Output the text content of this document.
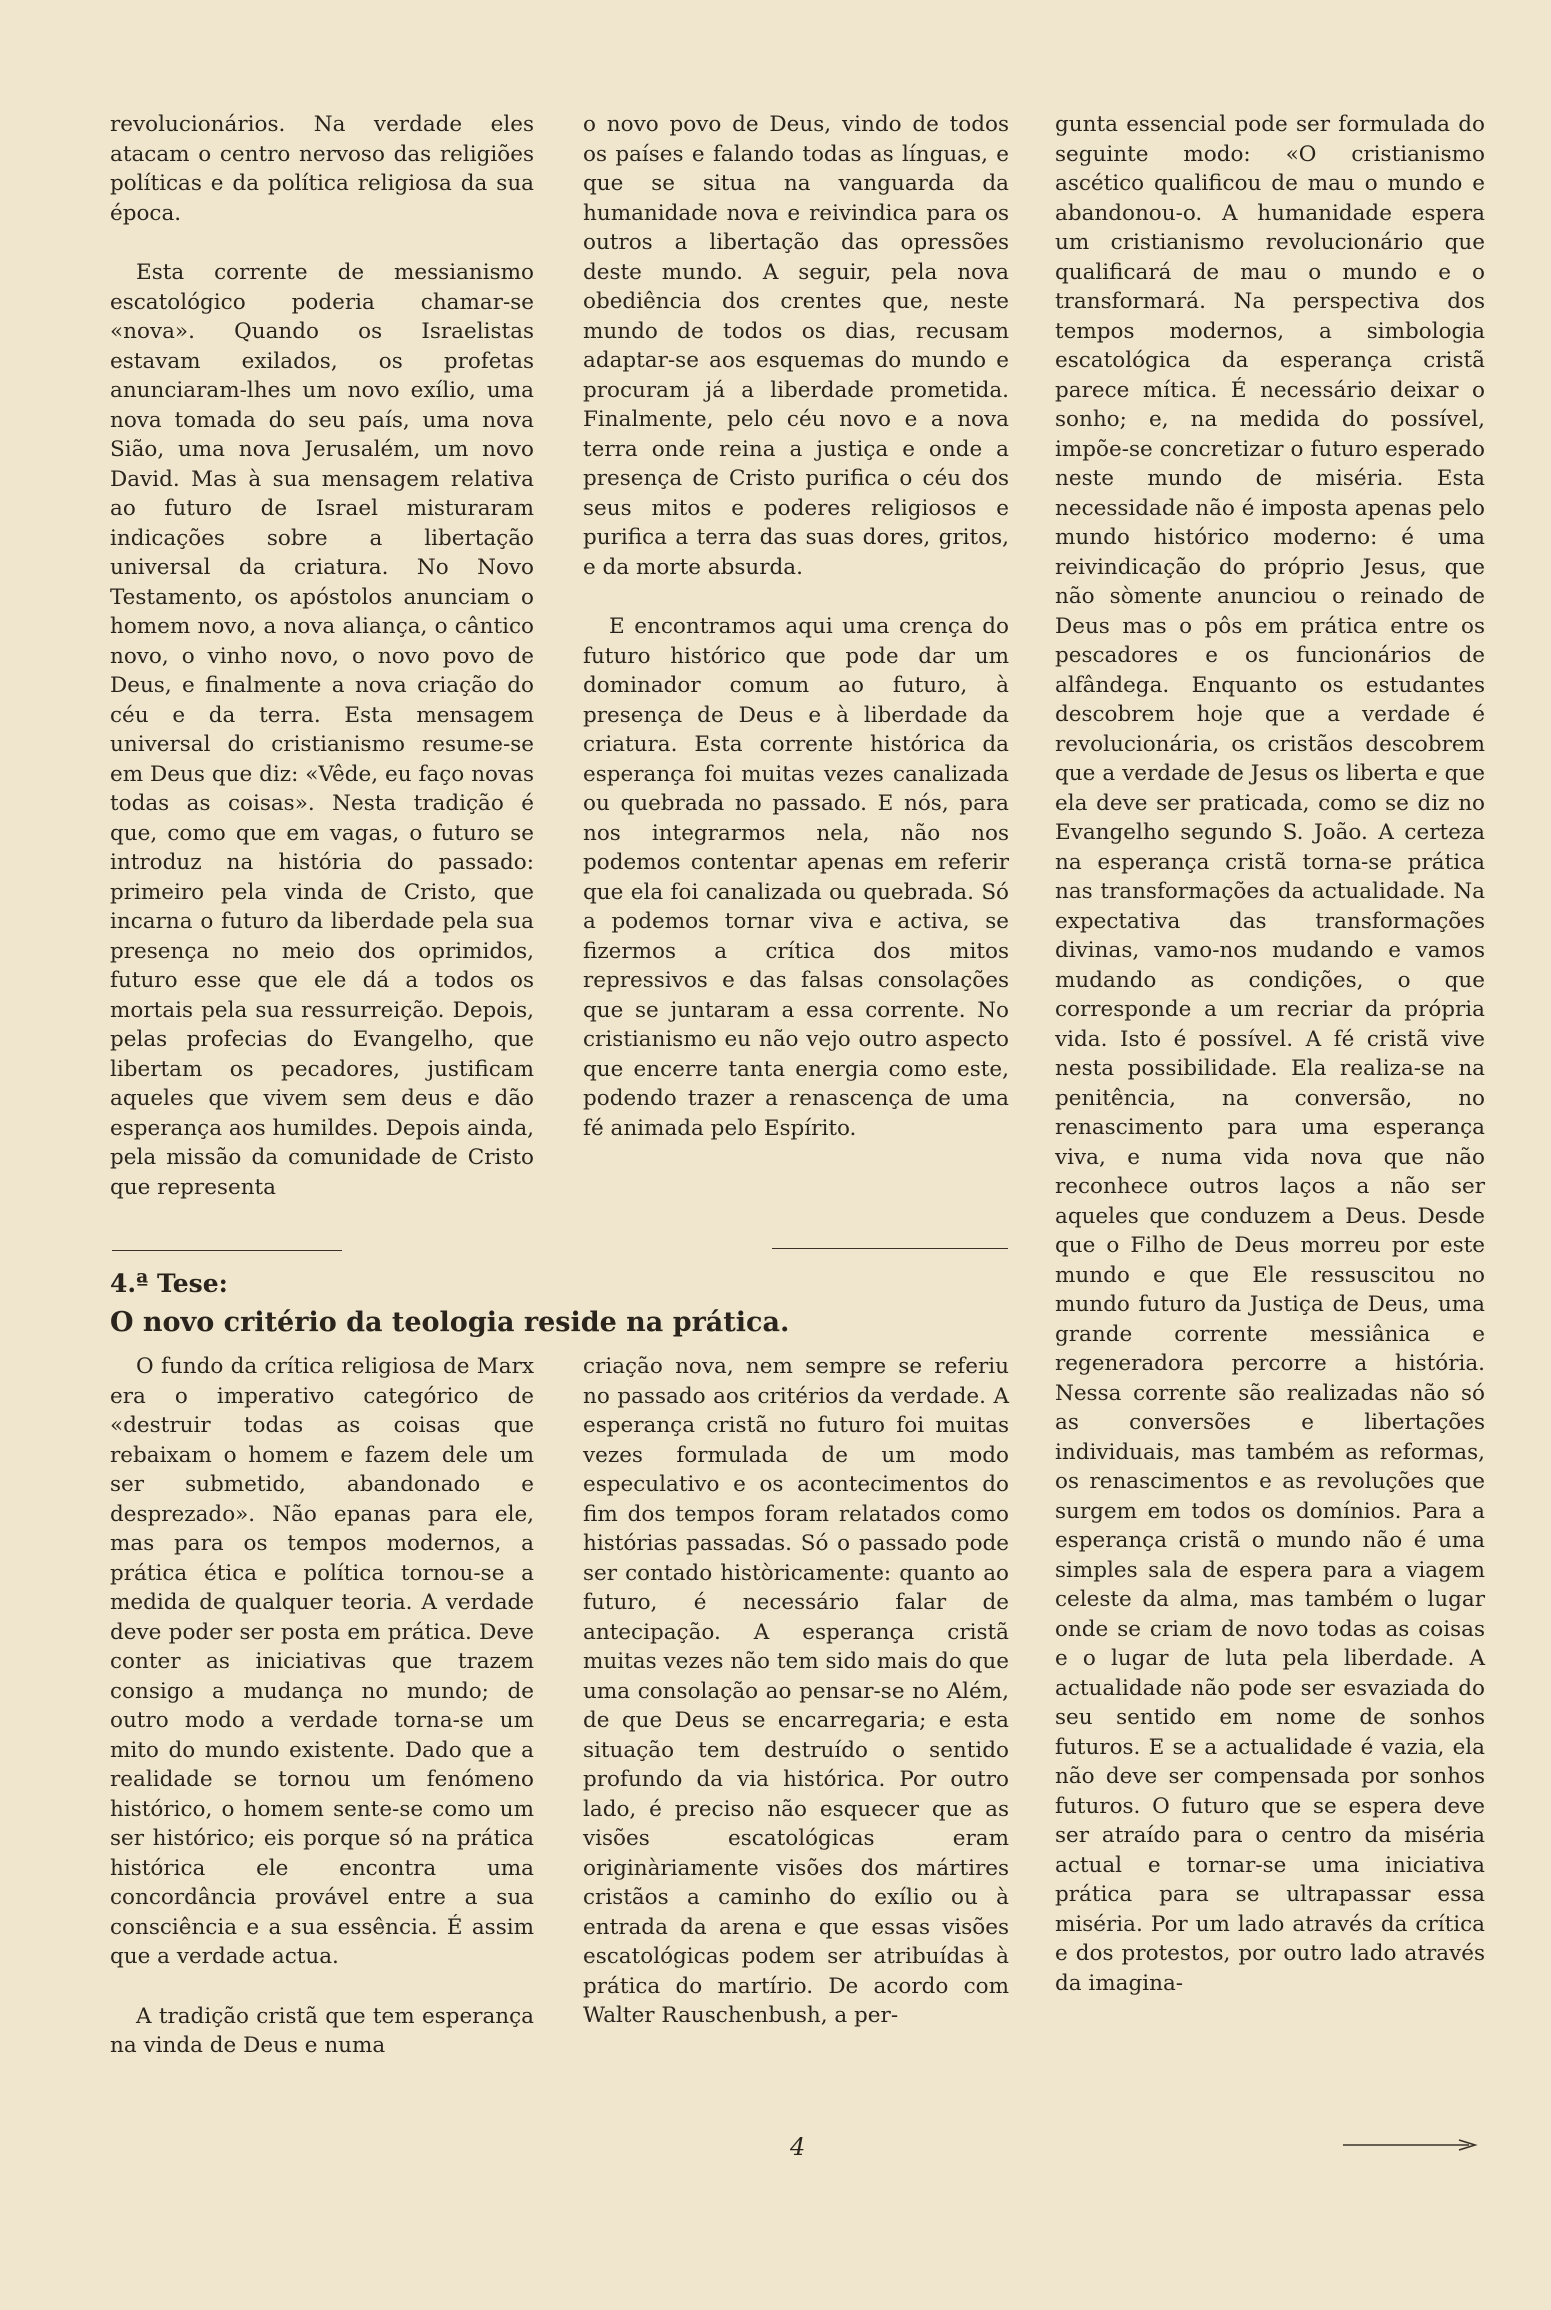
revolucionários. Na verdade eles atacam o centro nervoso das religiões políticas e da política religiosa da sua época.

Esta corrente de messianismo escatológico poderia chamar-se «nova». Quando os Israelistas estavam exilados, os profetas anunciaram-lhes um novo exílio, uma nova tomada do seu país, uma nova Sião, uma nova Jerusalém, um novo David. Mas à sua mensagem relativa ao futuro de Israel misturaram indicações sobre a libertação universal da criatura. No Novo Testamento, os apóstolos anunciam o homem novo, a nova aliança, o cântico novo, o vinho novo, o novo povo de Deus, e finalmente a nova criação do céu e da terra. Esta mensagem universal do cristianismo resume-se em Deus que diz: «Vêde, eu faço novas todas as coisas». Nesta tradição é que, como que em vagas, o futuro se introduz na história do passado: primeiro pela vinda de Cristo, que incarna o futuro da liberdade pela sua presença no meio dos oprimidos, futuro esse que ele dá a todos os mortais pela sua ressurreição. Depois, pelas profecias do Evangelho, que libertam os pecadores, justificam aqueles que vivem sem deus e dão esperança aos humildes. Depois ainda, pela missão da comunidade de Cristo que representa

o novo povo de Deus, vindo de todos os países e falando todas as línguas, e que se situa na vanguarda da humanidade nova e reivindica para os outros a libertação das opressões deste mundo. A seguir, pela nova obediência dos crentes que, neste mundo de todos os dias, recusam adaptar-se aos esquemas do mundo e procuram já a liberdade prometida. Finalmente, pelo céu novo e a nova terra onde reina a justiça e onde a presença de Cristo purifica o céu dos seus mitos e poderes religiosos e purifica a terra das suas dores, gritos, e da morte absurda.

E encontramos aqui uma crença do futuro histórico que pode dar um dominador comum ao futuro, à presença de Deus e à liberdade da criatura. Esta corrente histórica da esperança foi muitas vezes canalizada ou quebrada no passado. E nós, para nos integrarmos nela, não nos podemos contentar apenas em referir que ela foi canalizada ou quebrada. Só a podemos tornar viva e activa, se fizermos a crítica dos mitos repressivos e das falsas consolações que se juntaram a essa corrente. No cristianismo eu não vejo outro aspecto que encerre tanta energia como este, podendo trazer a renascença de uma fé animada pelo Espírito.

gunta essencial pode ser formulada do seguinte modo: «O cristianismo ascético qualificou de mau o mundo e abandonou-o. A humanidade espera um cristianismo revolucionário que qualificará de mau o mundo e o transformará. Na perspectiva dos tempos modernos, a simbologia escatológica da esperança cristã parece mítica. É necessário deixar o sonho; e, na medida do possível, impõe-se concretizar o futuro esperado neste mundo de miséria. Esta necessidade não é imposta apenas pelo mundo histórico moderno: é uma reivindicação do próprio Jesus, que não sòmente anunciou o reinado de Deus mas o pôs em prática entre os pescadores e os funcionários de alfândega. Enquanto os estudantes descobrem hoje que a verdade é revolucionária, os cristãos descobrem que a verdade de Jesus os liberta e que ela deve ser praticada, como se diz no Evangelho segundo S. João. A certeza na esperança cristã torna-se prática nas transformações da actualidade. Na expectativa das transformações divinas, vamo-nos mudando e vamos mudando as condições, o que corresponde a um recriar da própria vida. Isto é possível. A fé cristã vive nesta possibilidade. Ela realiza-se na penitência, na conversão, no renascimento para uma esperança viva, e numa vida nova que não reconhece outros laços a não ser aqueles que conduzem a Deus. Desde que o Filho de Deus morreu por este mundo e que Ele ressuscitou no mundo futuro da Justiça de Deus, uma grande corrente messiânica e regeneradora percorre a história. Nessa corrente são realizadas não só as conversões e libertações individuais, mas também as reformas, os renascimentos e as revoluções que surgem em todos os domínios. Para a esperança cristã o mundo não é uma simples sala de espera para a viagem celeste da alma, mas também o lugar onde se criam de novo todas as coisas e o lugar de luta pela liberdade. A actualidade não pode ser esvaziada do seu sentido em nome de sonhos futuros. E se a actualidade é vazia, ela não deve ser compensada por sonhos futuros. O futuro que se espera deve ser atraído para o centro da miséria actual e tornar-se uma iniciativa prática para se ultrapassar essa miséria. Por um lado através da crítica e dos protestos, por outro lado através da imagina-

4.ª Tese:
O novo critério da teologia reside na prática.

O fundo da crítica religiosa de Marx era o imperativo categórico de «destruir todas as coisas que rebaixam o homem e fazem dele um ser submetido, abandonado e desprezado». Não epanas para ele, mas para os tempos modernos, a prática ética e política tornou-se a medida de qualquer teoria. A verdade deve poder ser posta em prática. Deve conter as iniciativas que trazem consigo a mudança no mundo; de outro modo a verdade torna-se um mito do mundo existente. Dado que a realidade se tornou um fenómeno histórico, o homem sente-se como um ser histórico; eis porque só na prática histórica ele encontra uma concordância provável entre a sua consciência e a sua essência. É assim que a verdade actua.

A tradição cristã que tem esperança na vinda de Deus e numa

criação nova, nem sempre se referiu no passado aos critérios da verdade. A esperança cristã no futuro foi muitas vezes formulada de um modo especulativo e os acontecimentos do fim dos tempos foram relatados como histórias passadas. Só o passado pode ser contado històricamente: quanto ao futuro, é necessário falar de antecipação. A esperança cristã muitas vezes não tem sido mais do que uma consolação ao pensar-se no Além, de que Deus se encarregaria; e esta situação tem destruído o sentido profundo da via histórica. Por outro lado, é preciso não esquecer que as visões escatológicas eram originàriamente visões dos mártires cristãos a caminho do exílio ou à entrada da arena e que essas visões escatológicas podem ser atribuídas à prática do martírio. De acordo com Walter Rauschenbush, a per-

4
